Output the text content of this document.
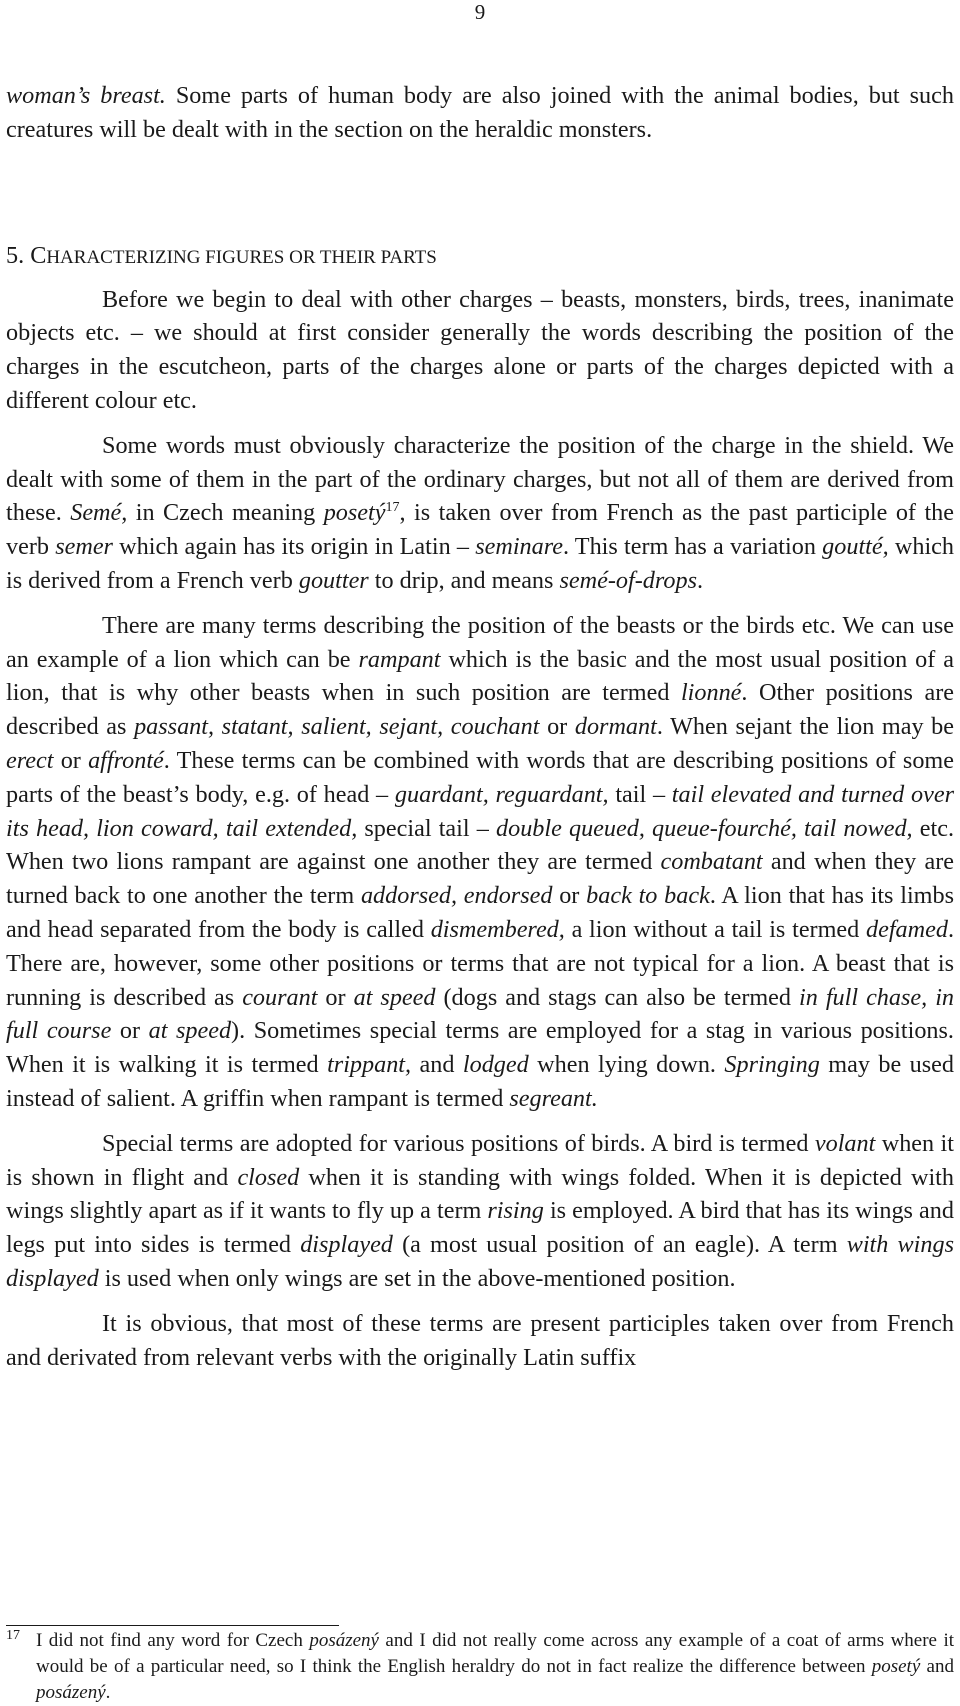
9

woman’s breast. Some parts of human body are also joined with the animal bodies, but such creatures will be dealt with in the section on the heraldic monsters.

5. CHARACTERIZING FIGURES OR THEIR PARTS

Before we begin to deal with other charges – beasts, monsters, birds, trees, inanimate objects etc. – we should at first consider generally the words describing the position of the charges in the escutcheon, parts of the charges alone or parts of the charges depicted with a different colour etc.

Some words must obviously characterize the position of the charge in the shield. We dealt with some of them in the part of the ordinary charges, but not all of them are derived from these. Semé, in Czech meaning posetý$^{17}$, is taken over from French as the past participle of the verb semer which again has its origin in Latin – seminare. This term has a variation goutté, which is derived from a French verb goutter to drip, and means semé-of-drops.

There are many terms describing the position of the beasts or the birds etc. We can use an example of a lion which can be rampant which is the basic and the most usual position of a lion, that is why other beasts when in such position are termed lionné. Other positions are described as passant, statant, salient, sejant, couchant or dormant. When sejant the lion may be erect or affronté. These terms can be combined with words that are describing positions of some parts of the beast’s body, e.g. of head – guardant, reguardant, tail – tail elevated and turned over its head, lion coward, tail extended, special tail – double queued, queue-fourché, tail nowed, etc. When two lions rampant are against one another they are termed combatant and when they are turned back to one another the term addorsed, endorsed or back to back. A lion that has its limbs and head separated from the body is called dismembered, a lion without a tail is termed defamed. There are, however, some other positions or terms that are not typical for a lion. A beast that is running is described as courant or at speed (dogs and stags can also be termed in full chase, in full course or at speed). Sometimes special terms are employed for a stag in various positions. When it is walking it is termed trippant, and lodged when lying down. Springing may be used instead of salient. A griffin when rampant is termed segreant.

Special terms are adopted for various positions of birds. A bird is termed volant when it is shown in flight and closed when it is standing with wings folded. When it is depicted with wings slightly apart as if it wants to fly up a term rising is employed. A bird that has its wings and legs put into sides is termed displayed (a most usual position of an eagle). A term with wings displayed is used when only wings are set in the above-mentioned position.

It is obvious, that most of these terms are present participles taken over from French and derivated from relevant verbs with the originally Latin suffix

17 I did not find any word for Czech posázený and I did not really come across any example of a coat of arms where it would be of a particular need, so I think the English heraldry do not in fact realize the difference between posetý and posázený.
